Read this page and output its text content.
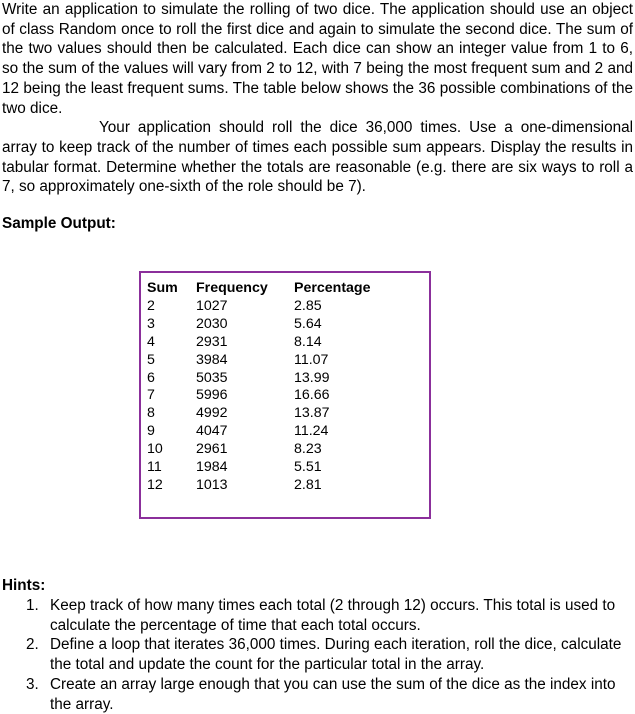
Write an application to simulate the rolling of two dice. The application should use an object of class Random once to roll the first dice and again to simulate the second dice. The sum of the two values should then be calculated. Each dice can show an integer value from 1 to 6, so the sum of the values will vary from 2 to 12, with 7 being the most frequent sum and 2 and 12 being the least frequent sums. The table below shows the 36 possible combinations of the two dice.

Your application should roll the dice 36,000 times. Use a one-dimensional array to keep track of the number of times each possible sum appears. Display the results in tabular format. Determine whether the totals are reasonable (e.g. there are six ways to roll a 7, so approximately one-sixth of the role should be 7).

Sample Output:

Sum	Frequency	Percentage
2	1027	2.85
3	2030	5.64
4	2931	8.14
5	3984	11.07
6	5035	13.99
7	5996	16.66
8	4992	13.87
9	4047	11.24
10	2961	8.23
11	1984	5.51
12	1013	2.81

Hints:

1. Keep track of how many times each total (2 through 12) occurs. This total is used to calculate the percentage of time that each total occurs.
2. Define a loop that iterates 36,000 times. During each iteration, roll the dice, calculate the total and update the count for the particular total in the array.
3. Create an array large enough that you can use the sum of the dice as the index into the array.
